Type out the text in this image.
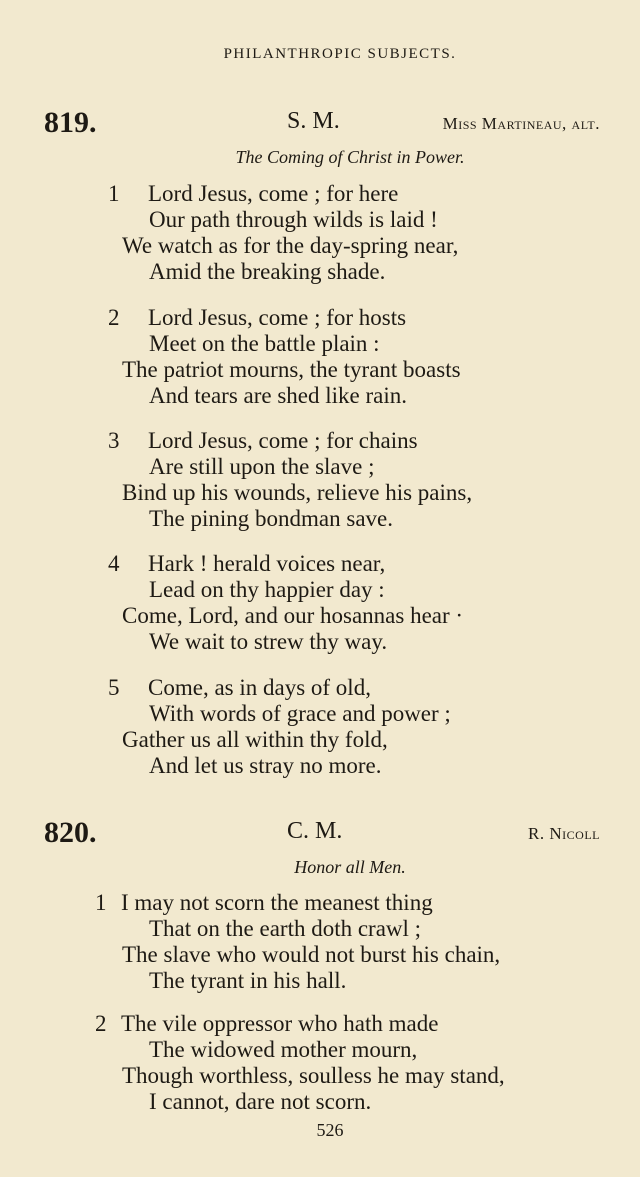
PHILANTHROPIC SUBJECTS.
819.	S. M.	Miss Martineau, alt.
The Coming of Christ in Power.
1 Lord Jesus, come ; for here
Our path through wilds is laid !
We watch as for the day-spring near,
Amid the breaking shade.
2 Lord Jesus, come ; for hosts
Meet on the battle plain :
The patriot mourns, the tyrant boasts
And tears are shed like rain.
3 Lord Jesus, come ; for chains
Are still upon the slave ;
Bind up his wounds, relieve his pains,
The pining bondman save.
4 Hark ! herald voices near,
Lead on thy happier day :
Come, Lord, and our hosannas hear ·
We wait to strew thy way.
5 Come, as in days of old,
With words of grace and power ;
Gather us all within thy fold,
And let us stray no more.
820.	C. M.	R. Nicoll
Honor all Men.
1 I may not scorn the meanest thing
That on the earth doth crawl ;
The slave who would not burst his chain,
The tyrant in his hall.
2 The vile oppressor who hath made
The widowed mother mourn,
Though worthless, soulless he may stand,
I cannot, dare not scorn.
526
